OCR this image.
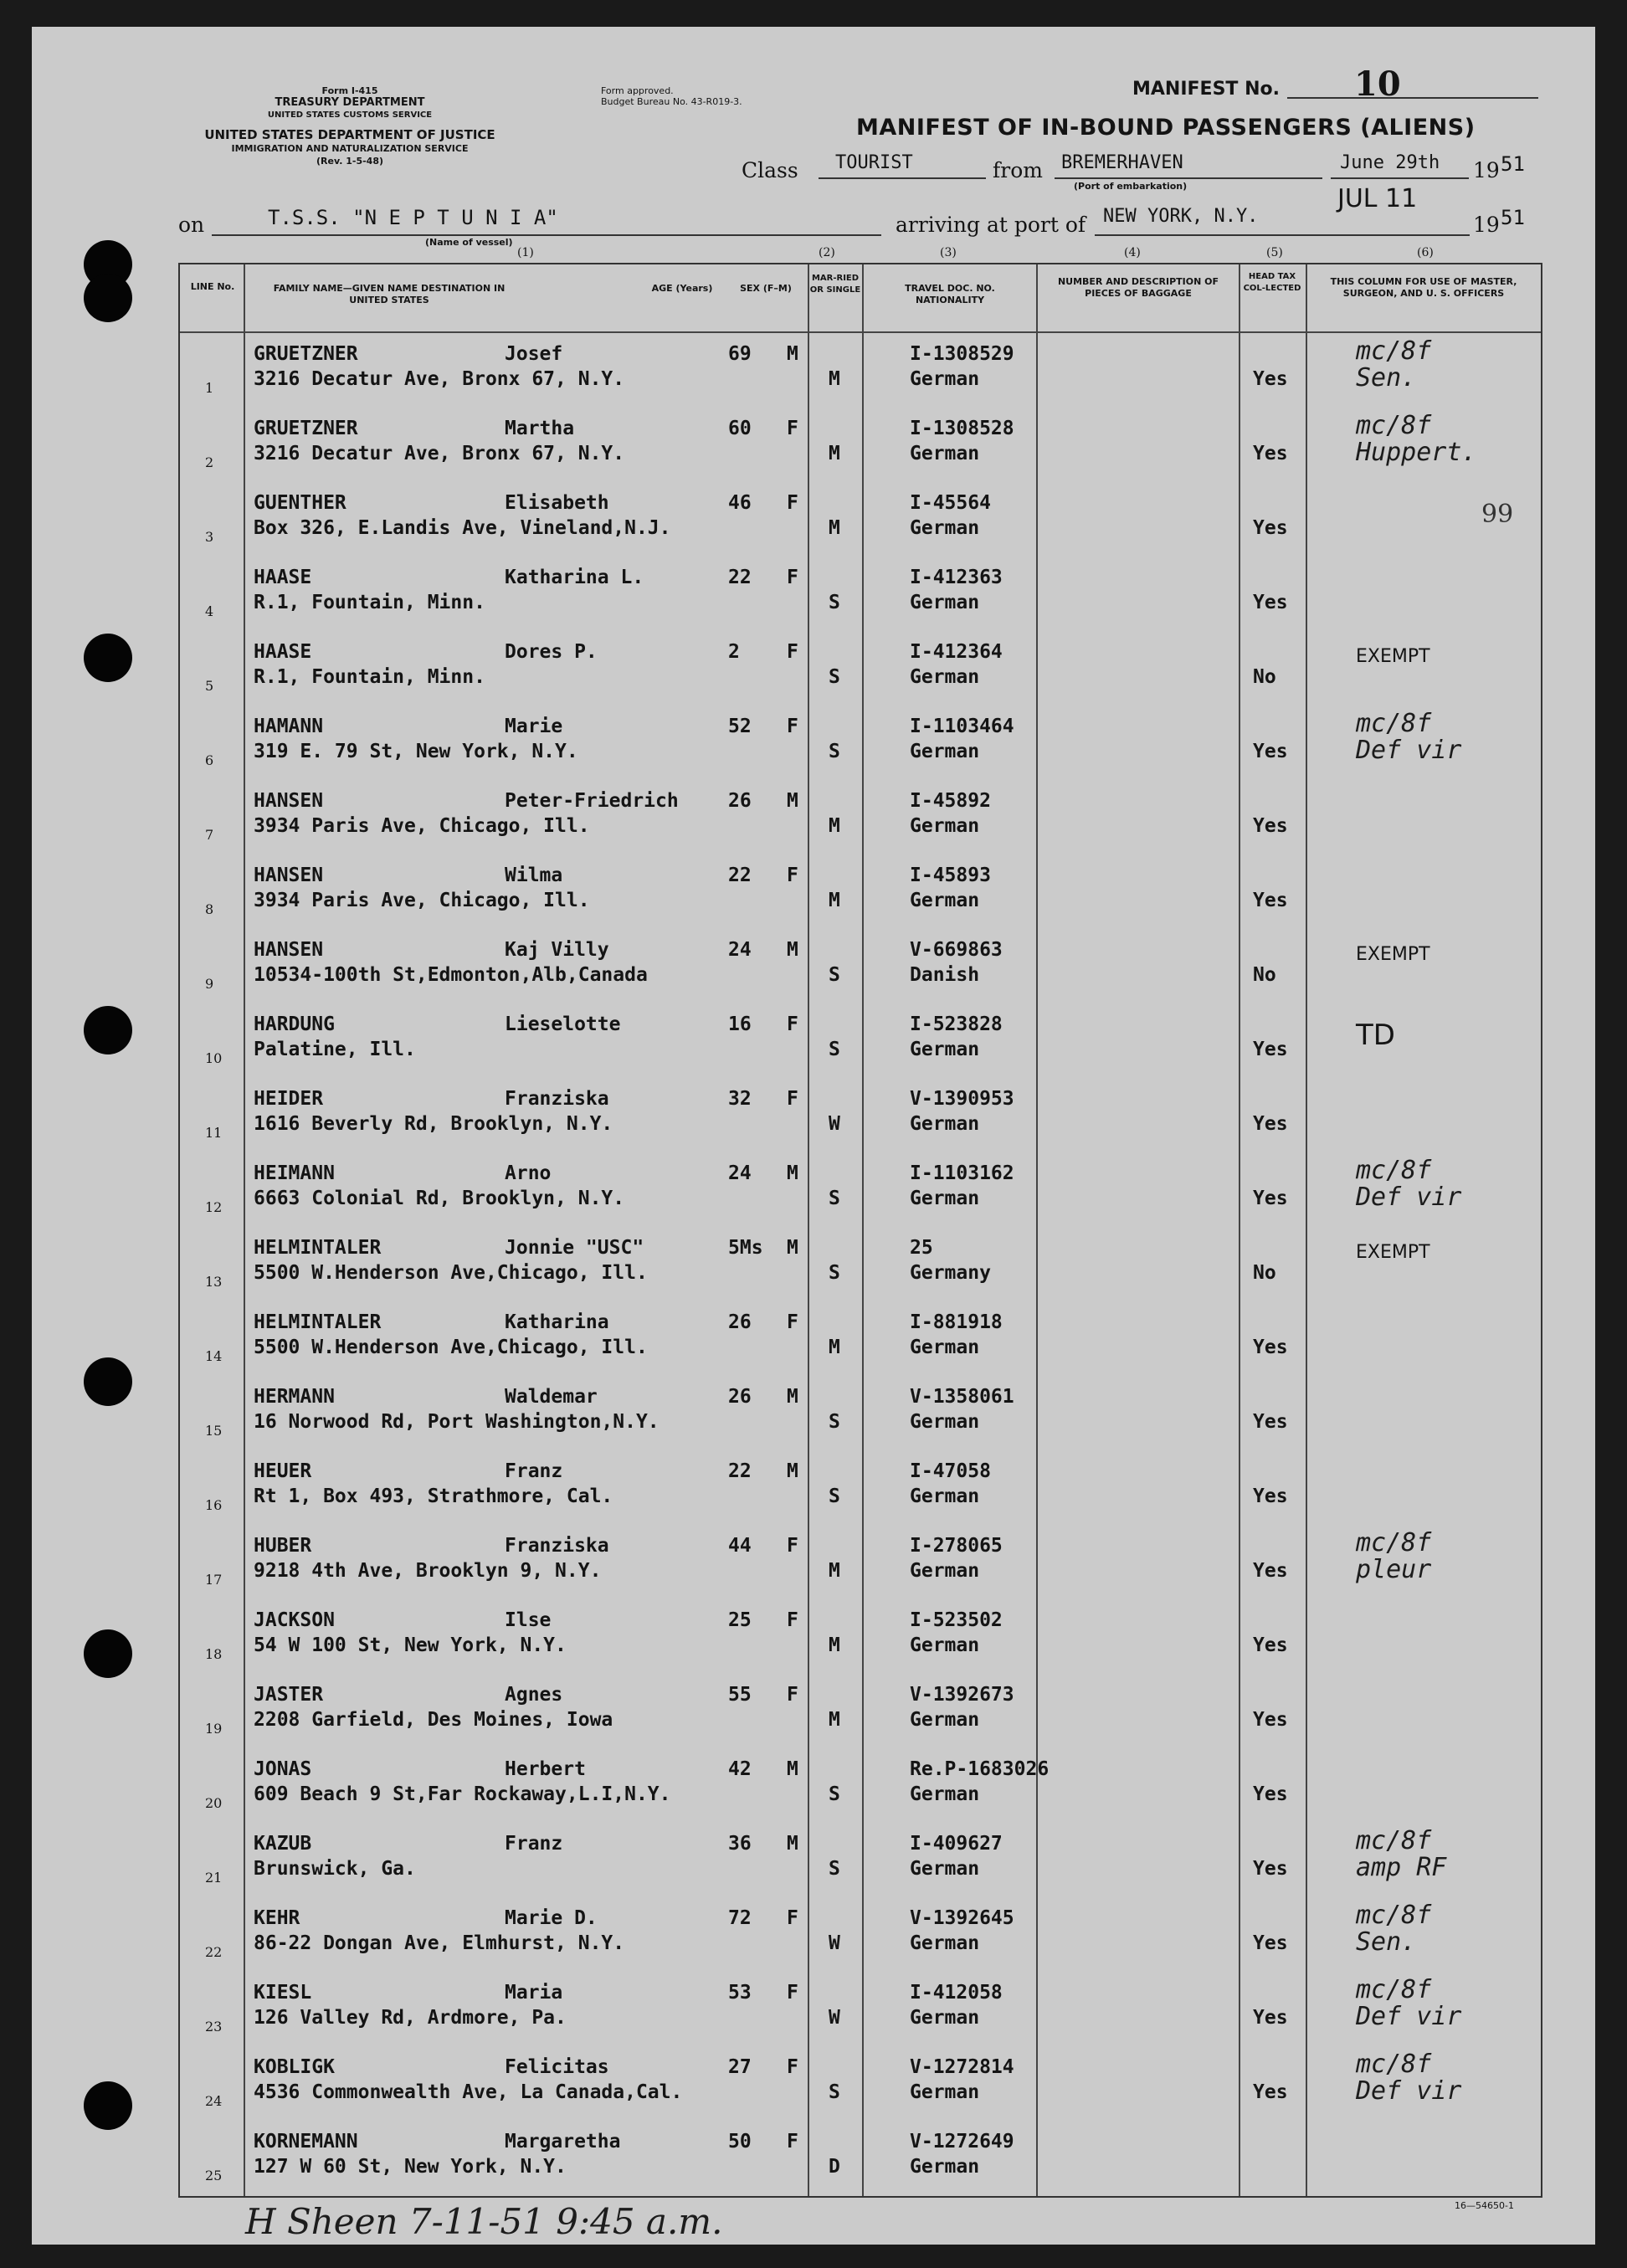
Form I-415
TREASURY DEPARTMENT
UNITED STATES CUSTOMS SERVICE
UNITED STATES DEPARTMENT OF JUSTICE
IMMIGRATION AND NATURALIZATION SERVICE
(Rev. 1-5-48)
Form approved.
Budget Bureau No. 43-R019-3.
MANIFEST No. 10
MANIFEST OF IN-BOUND PASSENGERS (ALIENS)
Class TOURIST	from BREMERHAVEN
(Port of embarkation)
June 29th 19 51
on	T.S.S. "N E P T U N I A"
(Name of vessel)
arriving at port of NEW YORK, N.Y.
JUL 11
19 51
(1)	(2)	(3)	(4)	(5)	(6)
LINE No.	FAMILY NAME—GIVEN NAME DESTINATION IN UNITED STATES
AGE (Years)	SEX (F–M)
MAR-RIED OR SINGLE	TRAVEL DOC. NO. NATIONALITY
NUMBER AND DESCRIPTION OF PIECES OF BAGGAGE
HEAD TAX COL-LECTED
THIS COLUMN FOR USE OF MASTER, SURGEON, AND U. S. OFFICERS
1
GRUETZNER	Josef	69 M
3216 Decatur Ave, Bronx 67, N.Y.	M
I-1308529
German	Yes
mc/8f
Sen.
2
GRUETZNER	Martha	60 F
3216 Decatur Ave, Bronx 67, N.Y.	M
I-1308528
German	Yes
mc/8f
Huppert.
3
GUENTHER	Elisabeth	46 F
Box 326, E.Landis Ave, Vineland,N.J.	M
I-45564
German	Yes
4
HAASE	Katharina L.	22 F
R.1, Fountain, Minn.	S
I-412363
German	Yes
5
HAASE	Dores P.	2 F
R.1, Fountain, Minn.	S
I-412364
German	No
EXEMPT
6
HAMANN	Marie	52 F
319 E. 79 St, New York, N.Y.	S
I-1103464
German	Yes
mc/8f
Def vir
7
HANSEN	Peter-Friedrich	26 M
3934 Paris Ave, Chicago, Ill.	M
I-45892
German	Yes
8
HANSEN	Wilma	22 F
3934 Paris Ave, Chicago, Ill.	M
I-45893
German	Yes
9
HANSEN	Kaj Villy	24 M
10534-100th St,Edmonton,Alb,Canada	S
V-669863
Danish	No
EXEMPT
10
HARDUNG	Lieselotte	16 F
Palatine, Ill.	S
I-523828
German	Yes TD
11
HEIDER	Franziska	32 F
1616 Beverly Rd, Brooklyn, N.Y.	W
V-1390953
German	Yes
12
HEIMANN	Arno	24 M
6663 Colonial Rd, Brooklyn, N.Y.	S
I-1103162
German	Yes
mc/8f
Def vir
13
HELMINTALER	Jonnie "USC"	5Ms M
5500 W.Henderson Ave,Chicago, Ill.	S
25
Germany	No
EXEMPT
14
HELMINTALER	Katharina	26 F
5500 W.Henderson Ave,Chicago, Ill.	M
I-881918
German	Yes
15
HERMANN	Waldemar	26 M
16 Norwood Rd, Port Washington,N.Y.	S
V-1358061
German	Yes
16
HEUER	Franz	22 M
Rt 1, Box 493, Strathmore, Cal.	S
I-47058
German	Yes
17
HUBER	Franziska	44 F
9218 4th Ave, Brooklyn 9, N.Y.	M
I-278065
German	Yes
mc/8f
pleur
18
JACKSON	Ilse	25 F
54 W 100 St, New York, N.Y.	M
I-523502
German	Yes
19
JASTER	Agnes	55 F
2208 Garfield, Des Moines, Iowa	M
V-1392673
German	Yes
20
JONAS	Herbert	42 M
609 Beach 9 St,Far Rockaway,L.I,N.Y.	S
Re.P-1683026
German	Yes
21
KAZUB	Franz	36 M
Brunswick, Ga.	S
I-409627
German	Yes
mc/8f
amp RF
22
KEHR	Marie D.	72 F
86-22 Dongan Ave, Elmhurst, N.Y.	W
V-1392645
German	Yes
mc/8f
Sen.
23
KIESL	Maria	53 F
126 Valley Rd, Ardmore, Pa.	W
I-412058
German	Yes
mc/8f
Def vir
24
KOBLIGK	Felicitas	27 F
4536 Commonwealth Ave, La Canada,Cal.	S
V-1272814
German	Yes
mc/8f
Def vir
25
KORNEMANN	Margaretha	50 F
127 W 60 St, New York, N.Y.	D
V-1272649
German
99
16—54650-1
H Sheen 7-11-51 9:45 a.m.
